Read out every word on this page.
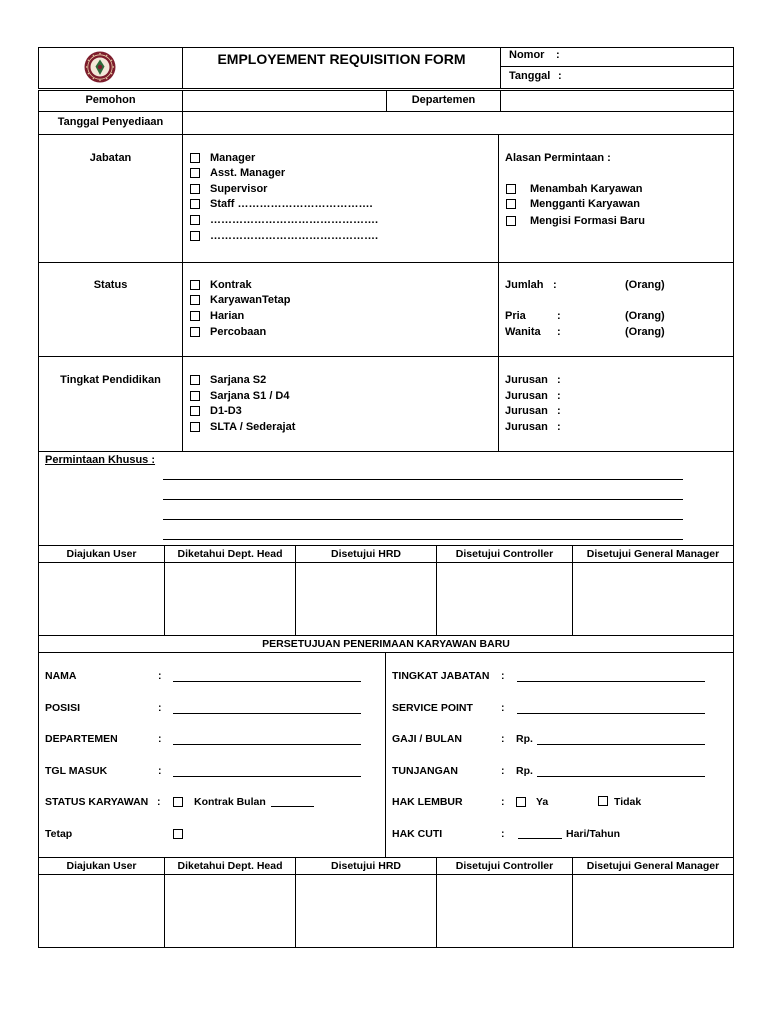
EMPLOYEMENT REQUISITION FORM	Nomor :
Tanggal :
Pemohon	Departemen
Tanggal Penyediaan
Jabatan	Manager
Asst. Manager
Supervisor
Staff ……………………………….
……………………………………….
……………………………………….
Alasan Permintaan :
Menambah Karyawan
Mengganti Karyawan
Mengisi Formasi Baru
Status	Kontrak
KaryawanTetap
Harian
Percobaan
Jumlah :	(Orang)
Pria	:	(Orang)
Wanita :	(Orang)
Tingkat Pendidikan	Sarjana S2
Sarjana S1 / D4
D1-D3
SLTA / Sederajat
Jurusan :
Jurusan :
Jurusan :
Jurusan :
Permintaan Khusus :
Diajukan User	Diketahui Dept. Head	Disetujui HRD	Disetujui Controller	Disetujui General Manager
PERSETUJUAN PENERIMAAN KARYAWAN BARU
NAMA	:
POSISI	:
DEPARTEMEN	:
TGL MASUK	:
STATUS KARYAWAN :	Kontrak Bulan
Tetap
TINGKAT JABATAN :
SERVICE POINT	:
GAJI / BULAN	: Rp.
TUNJANGAN	: Rp.
HAK LEMBUR	:	Ya	Tidak
HAK CUTI	:	Hari/Tahun
Diajukan User	Diketahui Dept. Head	Disetujui HRD	Disetujui Controller	Disetujui General Manager
